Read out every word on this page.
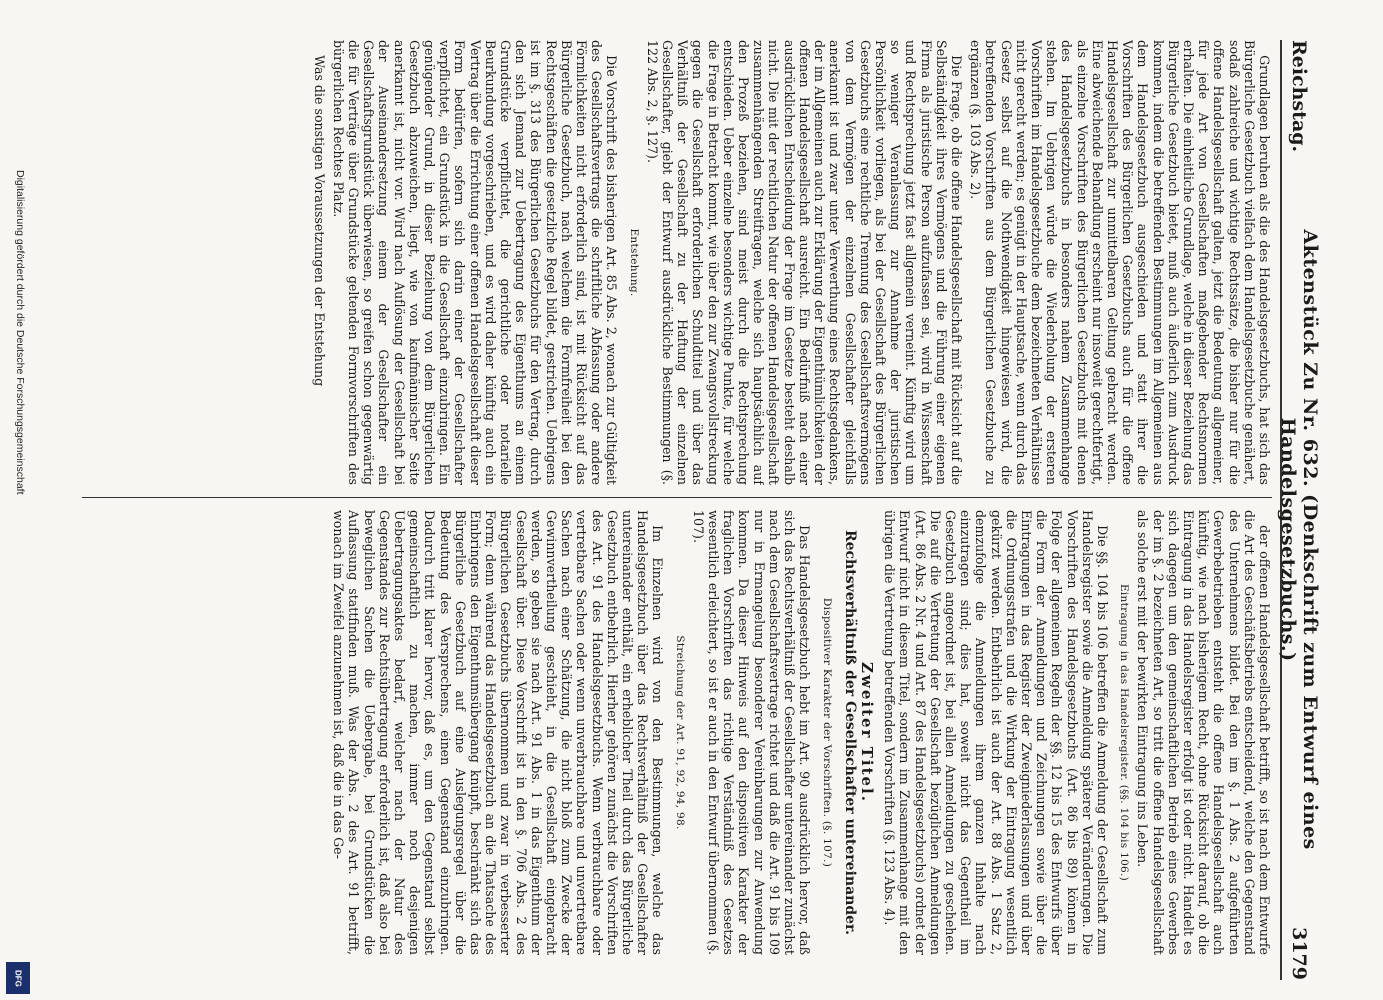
Digitalisierung gefördert durch die Deutsche Forschungsgemeinschaft
DFG
Reichstag.
Aktenstück Zu Nr. 632. (Denkschrift zum Entwurf eines Handelsgesetzbuchs.)
3179

Grundlagen beruhen als die des Handelsgesetzbuchs, hat sich das Bürgerliche Gesetzbuch vielfach dem Handelsgesetzbuche genähert, sodaß zahlreiche und wichtige Rechtssätze, die bisher nur für die offene Handelsgesellschaft galten, jetzt die Bedeutung allgemeiner, für jede Art von Gesellschaften maßgebender Rechtsnormen erhalten. Die einheitliche Grundlage, welche in dieser Beziehung das Bürgerliche Gesetzbuch bietet, muß auch äußerlich zum Ausdruck kommen, indem die betreffenden Bestimmungen im Allgemeinen aus dem Handelsgesetzbuch ausgeschieden und statt ihrer die Vorschriften des Bürgerlichen Gesetzbuchs auch für die offene Handelsgesellschaft zur unmittelbaren Geltung gebracht werden. Eine abweichende Behandlung erscheint nur insoweit gerechtfertigt, als einzelne Vorschriften des Bürgerlichen Gesetzbuchs mit denen des Handelsgesetzbuchs in besonders nahem Zusammenhange stehen. Im Uebrigen würde die Wiederholung der ersteren Vorschriften im Handelsgesetzbuche dem bezeichneten Verhältnisse nicht gerecht werden; es genügt in der Hauptsache, wenn durch das Gesetz selbst auf die Nothwendigkeit hingewiesen wird, die betreffenden Vorschriften aus dem Bürgerlichen Gesetzbuche zu ergänzen (§. 103 Abs. 2).

Die Frage, ob die offene Handelsgesellschaft mit Rücksicht auf die Selbständigkeit ihres Vermögens und die Führung einer eigenen Firma als juristische Person aufzufassen sei, wird in Wissenschaft und Rechtsprechung jetzt fast allgemein verneint. Künftig wird um so weniger Veranlassung zur Annahme der juristischen Persönlichkeit vorliegen, als bei der Gesellschaft des Bürgerlichen Gesetzbuchs eine rechtliche Trennung des Gesellschaftsvermögens von dem Vermögen der einzelnen Gesellschafter gleichfalls anerkannt ist und zwar unter Verwerthung eines Rechtsgedankens, der im Allgemeinen auch zur Erklärung der Eigenthümlichkeiten der offenen Handelsgesellschaft ausreicht. Ein Bedürfniß nach einer ausdrücklichen Entscheidung der Frage im Gesetze besteht deshalb nicht. Die mit der rechtlichen Natur der offenen Handelsgesellschaft zusammenhängenden Streitfragen, welche sich hauptsächlich auf den Prozeß beziehen, sind meist durch die Rechtsprechung entschieden. Ueber einzelne besonders wichtige Punkte, für welche die Frage in Betracht kommt, wie über den zur Zwangsvollstreckung gegen die Gesellschaft erforderlichen Schuldtitel und über das Verhältniß der Gesellschaft zu der Haftung der einzelnen Gesellschafter, giebt der Entwurf ausdrückliche Bestimmungen (§. 122 Abs. 2, §. 127).

Entstehung.

Die Vorschrift des bisherigen Art. 85 Abs. 2, wonach zur Gültigkeit des Gesellschaftsvertrags die schriftliche Abfassung oder andere Förmlichkeiten nicht erforderlich sind, ist mit Rücksicht auf das Bürgerliche Gesetzbuch, nach welchem die Formfreiheit bei den Rechtsgeschäften die gesetzliche Regel bildet, gestrichen. Uebrigens ist im §. 313 des Bürgerlichen Gesetzbuchs für den Vertrag, durch den sich Jemand zur Uebertragung des Eigenthums an einem Grundstücke verpflichtet, die gerichtliche oder notarielle Beurkundung vorgeschrieben, und es wird daher künftig auch ein Vertrag über die Errichtung einer offenen Handelsgesellschaft dieser Form bedürfen, sofern sich darin einer der Gesellschafter verpflichtet, ein Grundstück in die Gesellschaft einzubringen. Ein genügender Grund, in dieser Beziehung von dem Bürgerlichen Gesetzbuch abzuweichen, liegt, wie von kaufmännischer Seite anerkannt ist, nicht vor. Wird nach Auflösung der Gesellschaft bei der Auseinandersetzung einem der Gesellschafter ein Gesellschaftsgrundstück überwiesen, so greifen schon gegenwärtig die für Verträge über Grundstücke geltenden Formvorschriften des bürgerlichen Rechtes Platz.

Was die sonstigen Voraussetzungen der Entstehung

der offenen Handelsgesellschaft betrifft, so ist nach dem Entwurfe die Art des Geschäftsbetriebs entscheidend, welche den Gegenstand des Unternehmens bildet. Bei den im §. 1 Abs. 2 aufgeführten Gewerbebetrieben entsteht die offene Handelsgesellschaft auch künftig, wie nach bisherigem Recht, ohne Rücksicht darauf, ob die Eintragung in das Handelsregister erfolgt ist oder nicht. Handelt es sich dagegen um den gemeinschaftlichen Betrieb eines Gewerbes der im §. 2 bezeichneten Art, so tritt die offene Handelsgesellschaft als solche erst mit der bewirkten Eintragung ins Leben.

Eintragung in das Handelsregister. (§§. 104 bis 106.)

Die §§. 104 bis 106 betreffen die Anmeldung der Gesellschaft zum Handelsregister sowie die Anmeldung späterer Veränderungen. Die Vorschriften des Handelsgesetzbuchs (Art. 86 bis 89) können in Folge der allgemeinen Regeln der §§. 12 bis 15 des Entwurfs über die Form der Anmeldungen und Zeichnungen sowie über die Eintragungen in das Register der Zweigniederlassungen und über die Ordnungsstrafen und die Wirkung der Eintragung wesentlich gekürzt werden. Entbehrlich ist auch der Art. 88 Abs. 1 Satz 2, demzufolge die Anmeldungen ihrem ganzen Inhalte nach einzutragen sind; dies hat, soweit nicht das Gegentheil im Gesetzbuch angeordnet ist, bei allen Anmeldungen zu geschehen. Die auf die Vertretung der Gesellschaft bezüglichen Anmeldungen (Art. 86 Abs. 2 Nr. 4 und Art. 87 des Handelsgesetzbuchs) ordnet der Entwurf nicht in diesem Titel, sondern im Zusammenhange mit den übrigen die Vertretung betreffenden Vorschriften (§. 123 Abs. 4).

Zweiter Titel.

Rechtsverhältniß der Gesellschafter untereinander.

Dispositiver Karakter der Vorschriften. (§. 107.)

Das Handelsgesetzbuch hebt im Art. 90 ausdrücklich hervor, daß sich das Rechtsverhältniß der Gesellschafter untereinander zunächst nach dem Gesellschaftsvertrage richtet und daß die Art. 91 bis 109 nur in Ermangelung besonderer Vereinbarungen zur Anwendung kommen. Da dieser Hinweis auf den dispositiven Karakter der fraglichen Vorschriften das richtige Verständniß des Gesetzes wesentlich erleichtert, so ist er auch in den Entwurf übernommen (§. 107).

Streichung der Art. 91, 92, 94, 98.

Im Einzelnen wird von den Bestimmungen, welche das Handelsgesetzbuch über das Rechtsverhältniß der Gesellschafter untereinander enthält, ein erheblicher Theil durch das Bürgerliche Gesetzbuch entbehrlich. Hierher gehören zunächst die Vorschriften des Art. 91 des Handelsgesetzbuchs. Wenn verbrauchbare oder vertretbare Sachen oder wenn unverbrauchbare und unvertretbare Sachen nach einer Schätzung, die nicht bloß zum Zwecke der Gewinnvertheilung geschieht, in die Gesellschaft eingebracht werden, so geben sie nach Art. 91 Abs. 1 in das Eigenthum der Gesellschaft über. Diese Vorschrift ist in den §. 706 Abs. 2 des Bürgerlichen Gesetzbuchs übernommen und zwar in verbesserter Form; denn während das Handelsgesetzbuch an die Thatsache des Einbringens den Eigenthumsübergang knüpft, beschränkt sich das Bürgerliche Gesetzbuch auf eine Auslegungsregel über die Bedeutung des Versprechens, einen Gegenstand einzubringen. Dadurch tritt klarer hervor, daß es, um den Gegenstand selbst gemeinschaftlich zu machen, immer noch desjenigen Uebertragungsaktes bedarf, welcher nach der Natur des Gegenstandes zur Rechtsübertragung erforderlich ist, daß also bei beweglichen Sachen die Uebergabe, bei Grundstücken die Auflassung stattfinden muß. Was der Abs. 2 des Art. 91 betrifft, wonach im Zweifel anzunehmen ist, daß die in das Ge-
